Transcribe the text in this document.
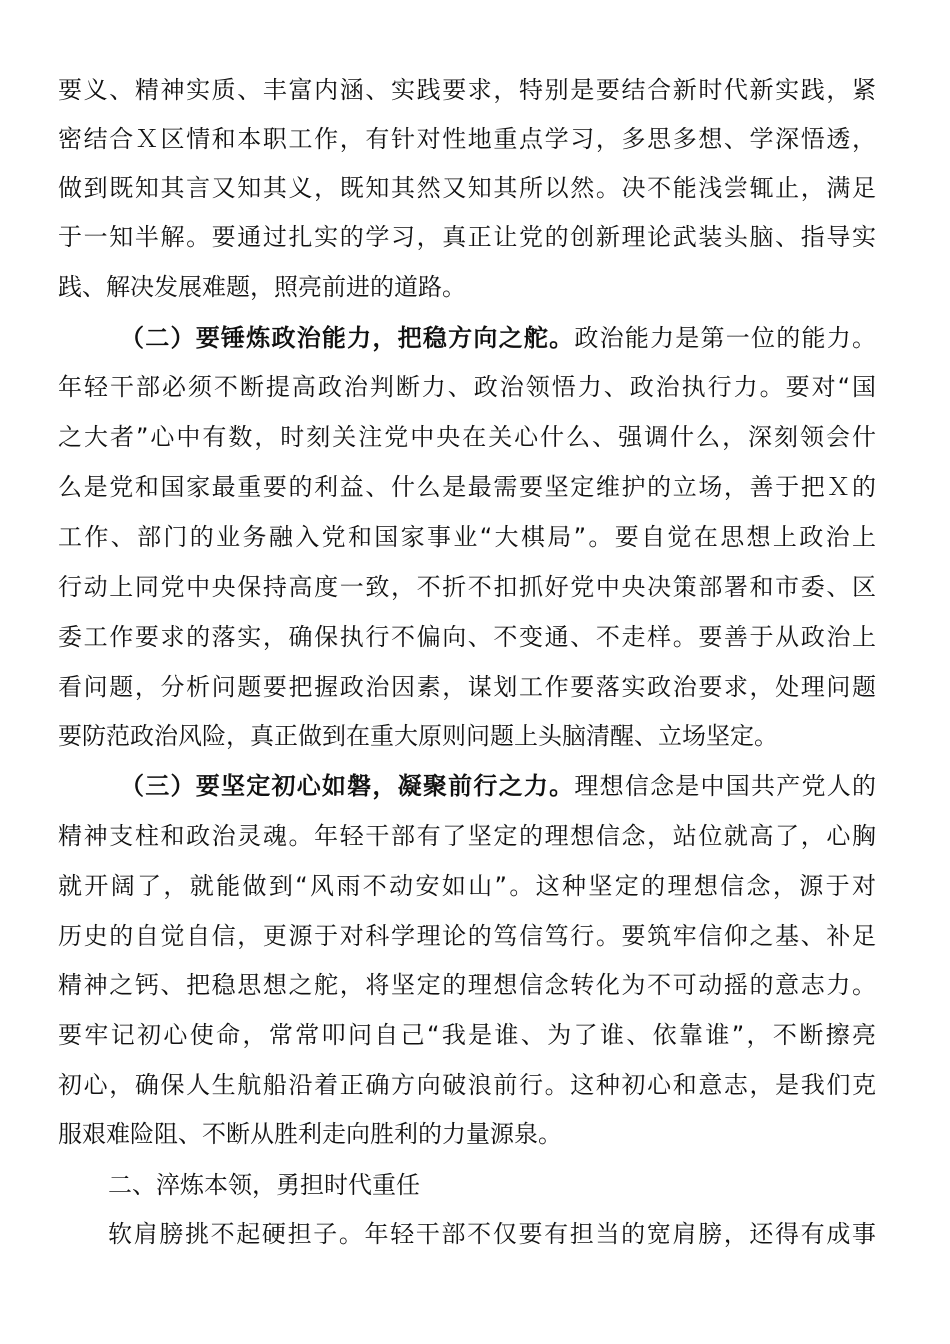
要义、精神实质、丰富内涵、实践要求，特别是要结合新时代新实践，紧
密结合Ｘ区情和本职工作，有针对性地重点学习，多思多想、学深悟透，
做到既知其言又知其义，既知其然又知其所以然。决不能浅尝辄止，满足
于一知半解。要通过扎实的学习，真正让党的创新理论武装头脑、指导实
践、解决发展难题，照亮前进的道路。
（二）要锤炼政治能力，把稳方向之舵。政治能力是第一位的能力。
年轻干部必须不断提高政治判断力、政治领悟力、政治执行力。要对“国
之大者”心中有数，时刻关注党中央在关心什么、强调什么，深刻领会什
么是党和国家最重要的利益、什么是最需要坚定维护的立场，善于把Ｘ的
工作、部门的业务融入党和国家事业“大棋局”。要自觉在思想上政治上
行动上同党中央保持高度一致，不折不扣抓好党中央决策部署和市委、区
委工作要求的落实，确保执行不偏向、不变通、不走样。要善于从政治上
看问题，分析问题要把握政治因素，谋划工作要落实政治要求，处理问题
要防范政治风险，真正做到在重大原则问题上头脑清醒、立场坚定。
（三）要坚定初心如磐，凝聚前行之力。理想信念是中国共产党人的
精神支柱和政治灵魂。年轻干部有了坚定的理想信念，站位就高了，心胸
就开阔了，就能做到“风雨不动安如山”。这种坚定的理想信念，源于对
历史的自觉自信，更源于对科学理论的笃信笃行。要筑牢信仰之基、补足
精神之钙、把稳思想之舵，将坚定的理想信念转化为不可动摇的意志力。
要牢记初心使命，常常叩问自己“我是谁、为了谁、依靠谁”，不断擦亮
初心，确保人生航船沿着正确方向破浪前行。这种初心和意志，是我们克
服艰难险阻、不断从胜利走向胜利的力量源泉。
二、淬炼本领，勇担时代重任
软肩膀挑不起硬担子。年轻干部不仅要有担当的宽肩膀，还得有成事
